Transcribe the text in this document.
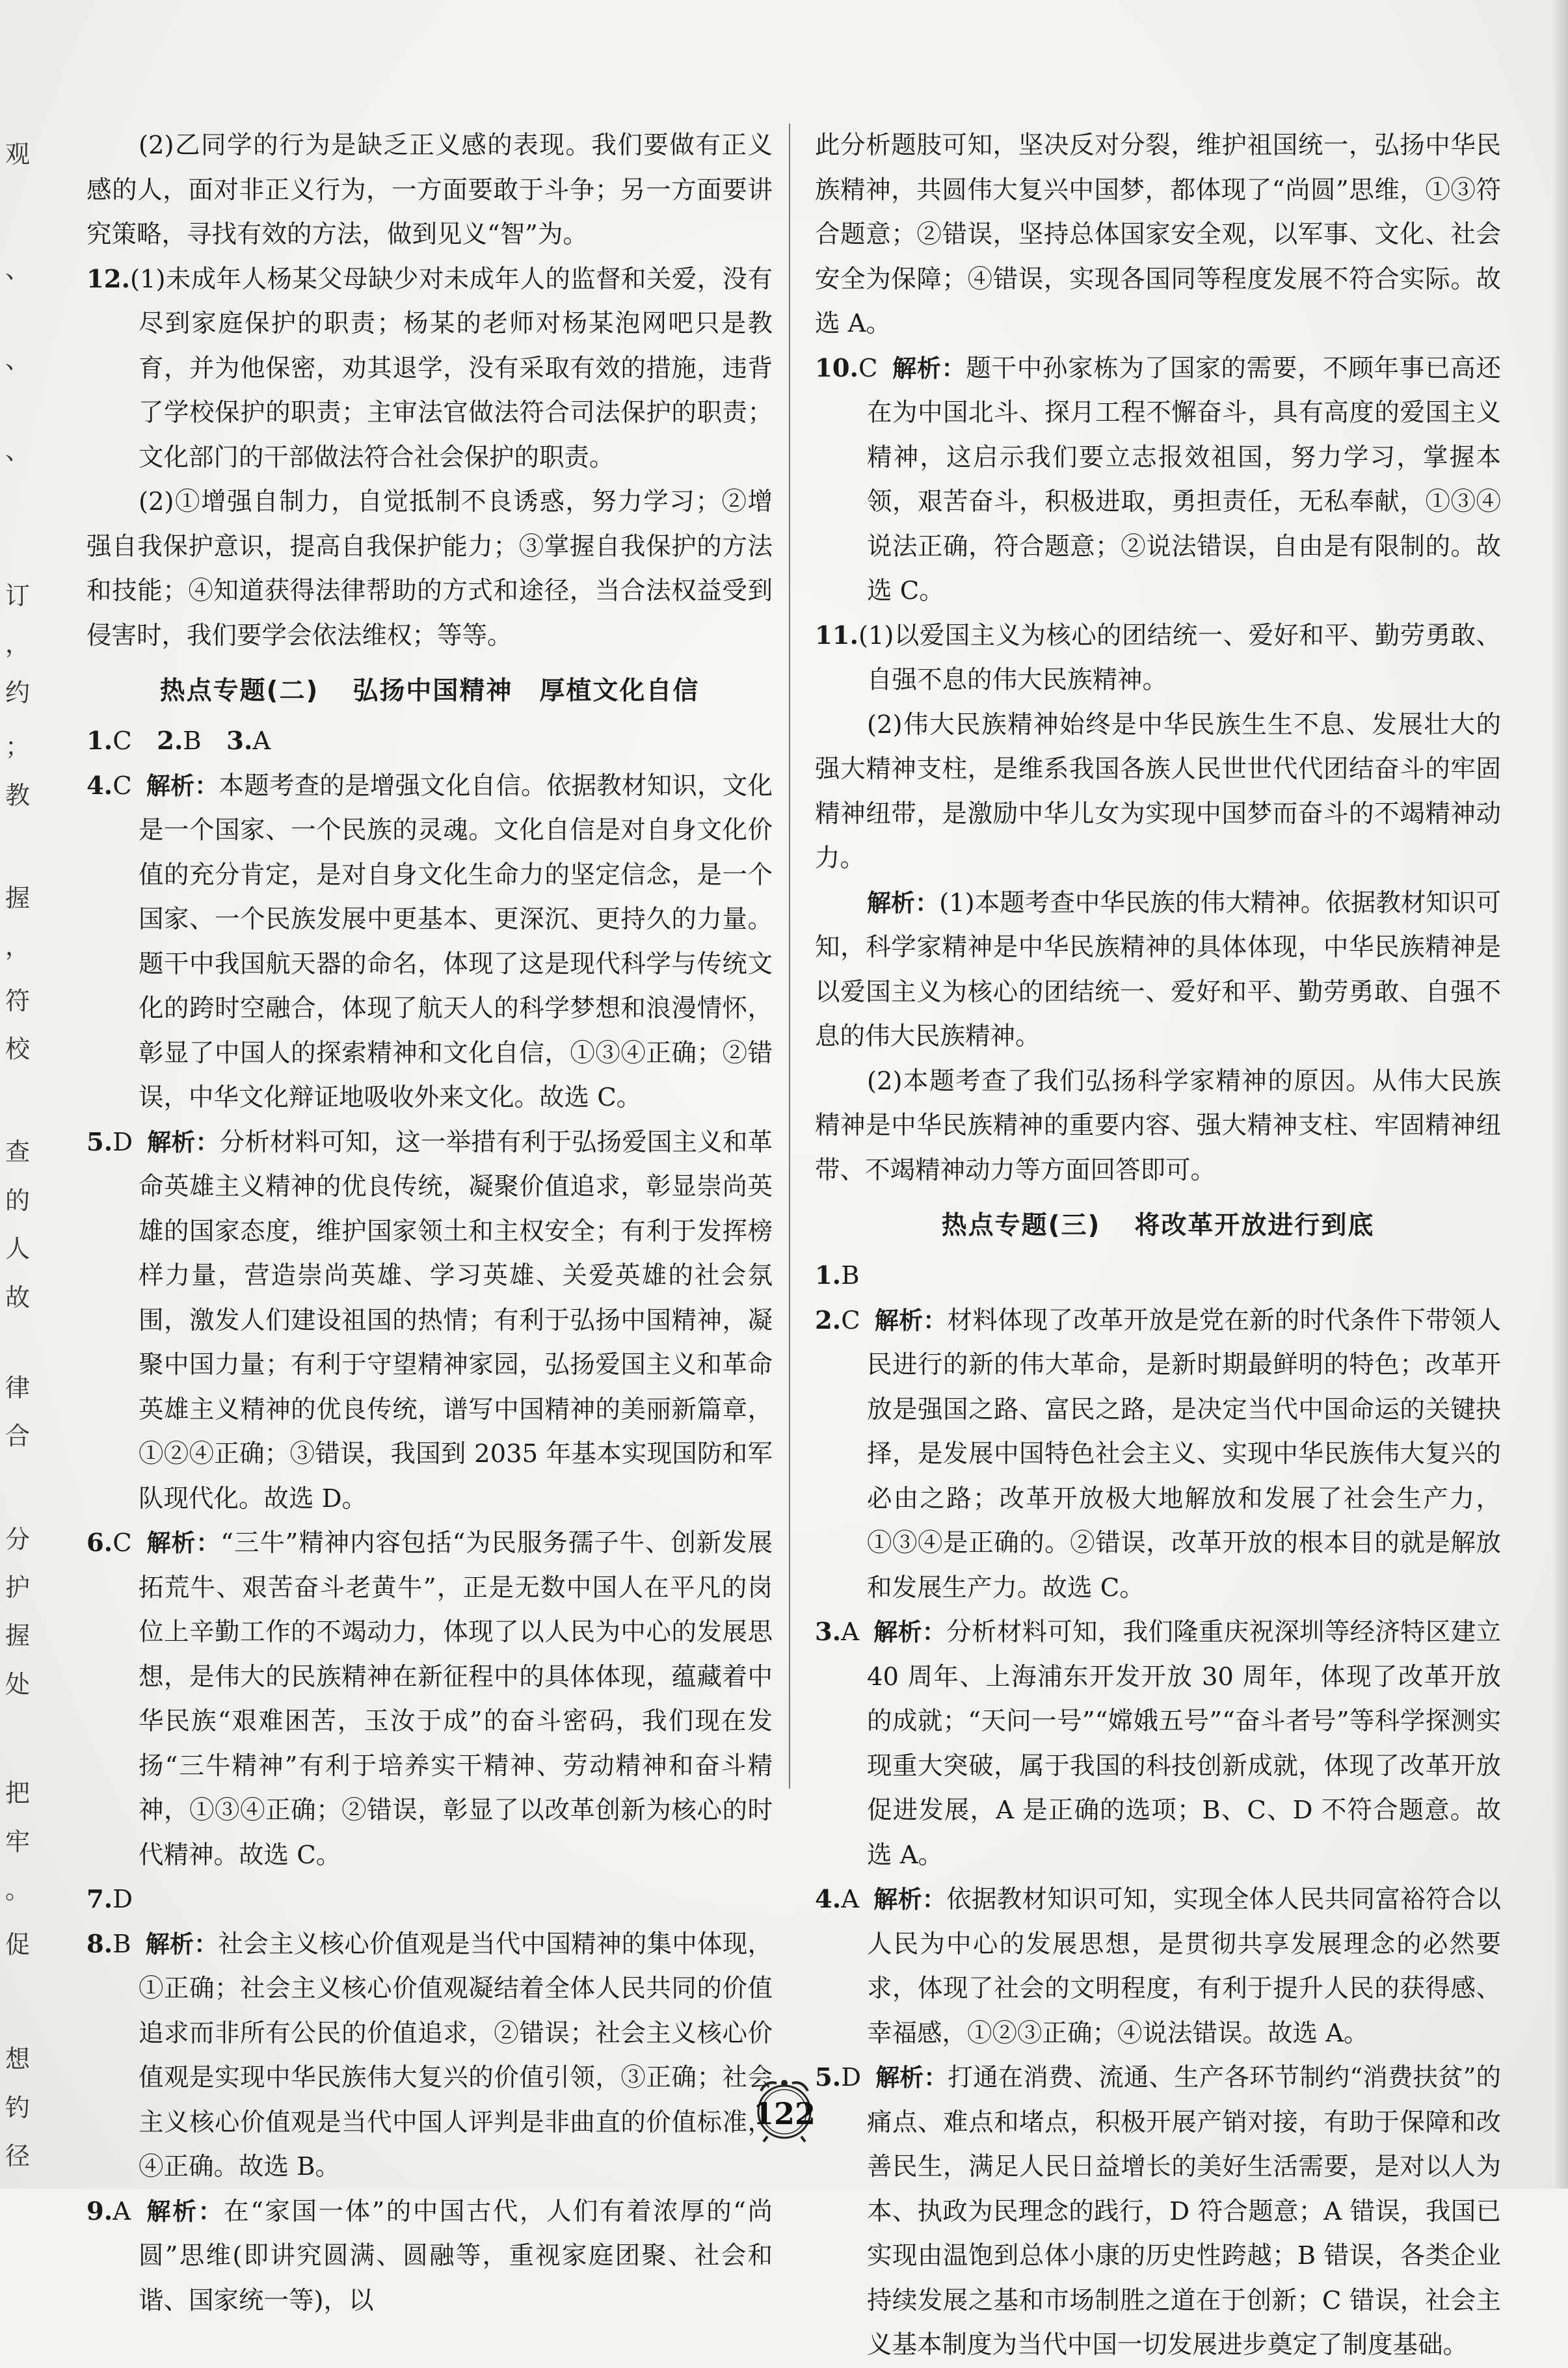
观
、
、
、
订
，
约
；
教
握
，
符
校
查
的
人
故
律
合
分
护
握
处
把
牢
。
促
想
钓
径

(2)乙同学的行为是缺乏正义感的表现。我们要做有正义感的人，面对非正义行为，一方面要敢于斗争；另一方面要讲究策略，寻找有效的方法，做到见义“智”为。

12.(1)未成年人杨某父母缺少对未成年人的监督和关爱，没有尽到家庭保护的职责；杨某的老师对杨某泡网吧只是教育，并为他保密，劝其退学，没有采取有效的措施，违背了学校保护的职责；主审法官做法符合司法保护的职责；文化部门的干部做法符合社会保护的职责。

(2)①增强自制力，自觉抵制不良诱惑，努力学习；②增强自我保护意识，提高自我保护能力；③掌握自我保护的方法和技能；④知道获得法律帮助的方式和途径，当合法权益受到侵害时，我们要学会依法维权；等等。

热点专题(二) 弘扬中国精神　厚植文化自信

1.C  2.B  3.A

4.C 解析：本题考查的是增强文化自信。依据教材知识，文化是一个国家、一个民族的灵魂。文化自信是对自身文化价值的充分肯定，是对自身文化生命力的坚定信念，是一个国家、一个民族发展中更基本、更深沉、更持久的力量。题干中我国航天器的命名，体现了这是现代科学与传统文化的跨时空融合，体现了航天人的科学梦想和浪漫情怀，彰显了中国人的探索精神和文化自信，①③④正确；②错误，中华文化辩证地吸收外来文化。故选 C。

5.D 解析：分析材料可知，这一举措有利于弘扬爱国主义和革命英雄主义精神的优良传统，凝聚价值追求，彰显崇尚英雄的国家态度，维护国家领土和主权安全；有利于发挥榜样力量，营造崇尚英雄、学习英雄、关爱英雄的社会氛围，激发人们建设祖国的热情；有利于弘扬中国精神，凝聚中国力量；有利于守望精神家园，弘扬爱国主义和革命英雄主义精神的优良传统，谱写中国精神的美丽新篇章，①②④正确；③错误，我国到 2035 年基本实现国防和军队现代化。故选 D。

6.C 解析：“三牛”精神内容包括“为民服务孺子牛、创新发展拓荒牛、艰苦奋斗老黄牛”，正是无数中国人在平凡的岗位上辛勤工作的不竭动力，体现了以人民为中心的发展思想，是伟大的民族精神在新征程中的具体体现，蕴藏着中华民族“艰难困苦，玉汝于成”的奋斗密码，我们现在发扬“三牛精神”有利于培养实干精神、劳动精神和奋斗精神，①③④正确；②错误，彰显了以改革创新为核心的时代精神。故选 C。

7.D

8.B 解析：社会主义核心价值观是当代中国精神的集中体现，①正确；社会主义核心价值观凝结着全体人民共同的价值追求而非所有公民的价值追求，②错误；社会主义核心价值观是实现中华民族伟大复兴的价值引领，③正确；社会主义核心价值观是当代中国人评判是非曲直的价值标准，④正确。故选 B。

9.A 解析：在“家国一体”的中国古代，人们有着浓厚的“尚圆”思维(即讲究圆满、圆融等，重视家庭团聚、社会和谐、国家统一等)，以

此分析题肢可知，坚决反对分裂，维护祖国统一，弘扬中华民族精神，共圆伟大复兴中国梦，都体现了“尚圆”思维，①③符合题意；②错误，坚持总体国家安全观，以军事、文化、社会安全为保障；④错误，实现各国同等程度发展不符合实际。故选 A。

10.C 解析：题干中孙家栋为了国家的需要，不顾年事已高还在为中国北斗、探月工程不懈奋斗，具有高度的爱国主义精神，这启示我们要立志报效祖国，努力学习，掌握本领，艰苦奋斗，积极进取，勇担责任，无私奉献，①③④说法正确，符合题意；②说法错误，自由是有限制的。故选 C。

11.(1)以爱国主义为核心的团结统一、爱好和平、勤劳勇敢、自强不息的伟大民族精神。

(2)伟大民族精神始终是中华民族生生不息、发展壮大的强大精神支柱，是维系我国各族人民世世代代团结奋斗的牢固精神纽带，是激励中华儿女为实现中国梦而奋斗的不竭精神动力。

解析：(1)本题考查中华民族的伟大精神。依据教材知识可知，科学家精神是中华民族精神的具体体现，中华民族精神是以爱国主义为核心的团结统一、爱好和平、勤劳勇敢、自强不息的伟大民族精神。

(2)本题考查了我们弘扬科学家精神的原因。从伟大民族精神是中华民族精神的重要内容、强大精神支柱、牢固精神纽带、不竭精神动力等方面回答即可。

热点专题(三) 将改革开放进行到底

1.B

2.C 解析：材料体现了改革开放是党在新的时代条件下带领人民进行的新的伟大革命，是新时期最鲜明的特色；改革开放是强国之路、富民之路，是决定当代中国命运的关键抉择，是发展中国特色社会主义、实现中华民族伟大复兴的必由之路；改革开放极大地解放和发展了社会生产力，①③④是正确的。②错误，改革开放的根本目的就是解放和发展生产力。故选 C。

3.A 解析：分析材料可知，我们隆重庆祝深圳等经济特区建立 40 周年、上海浦东开发开放 30 周年，体现了改革开放的成就；“天问一号”“嫦娥五号”“奋斗者号”等科学探测实现重大突破，属于我国的科技创新成就，体现了改革开放促进发展，A 是正确的选项；B、C、D 不符合题意。故选 A。

4.A 解析：依据教材知识可知，实现全体人民共同富裕符合以人民为中心的发展思想，是贯彻共享发展理念的必然要求，体现了社会的文明程度，有利于提升人民的获得感、幸福感，①②③正确；④说法错误。故选 A。

5.D 解析：打通在消费、流通、生产各环节制约“消费扶贫”的痛点、难点和堵点，积极开展产销对接，有助于保障和改善民生，满足人民日益增长的美好生活需要，是对以人为本、执政为民理念的践行，D 符合题意；A 错误，我国已实现由温饱到总体小康的历史性跨越；B 错误，各类企业持续发展之基和市场制胜之道在于创新；C 错误，社会主义基本制度为当代中国一切发展进步奠定了制度基础。

122
